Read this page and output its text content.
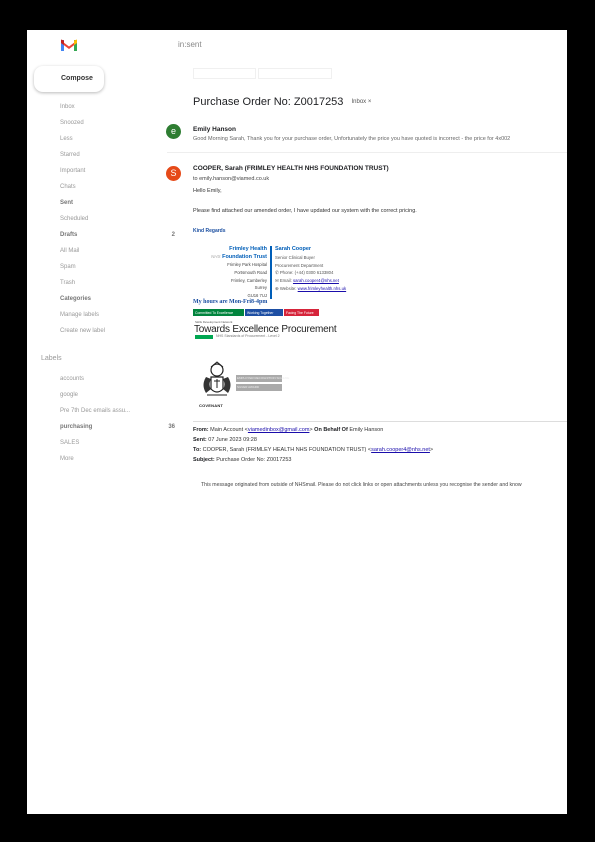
in:sent
Compose
Inbox
Snoozed
Less
Starred
Important
Chats
Sent
Scheduled
Drafts	2
All Mail
Spam
Trash
Categories
Manage labels
Create new label
Labels
accounts
google
Pre 7th Dec emails assu...
purchasing	36
SALES
More
Purchase Order No: Z0017253 Inbox ×
e	Emily Hanson
Good Morning Sarah, Thank you for your purchase order, Unfortunately the price you have quoted is incorrect - the price for 4x002
S	COOPER, Sarah (FRIMLEY HEALTH NHS FOUNDATION TRUST)
to emily.hanson@viamed.co.uk
Hello Emily,
Please find attached our amended order, I have updated our system with the correct pricing.
Kind Regards
Frimley Health
NHS Foundation Trust
Frimley Park Hospital
Portsmouth Road
Frimley, Camberley
Surrey
GU16 7UJ
Sarah Cooper
Senior Clinical Buyer
Procurement Department
✆ Phone: (+44) 0300 6133804
✉ Email: sarah.cooper4@nhs.net
⊕ Website: www.frimleyhealth.nhs.uk
My hours are Mon-Fri8-4pm
Committed To Excellence	Working Together	Facing The Future
Skills Development Network
Towards Excellence Procurement
NHS Standards of Procurement - Level 2
COVENANT
EMPLOYER RECOGNITION SCHEME
SILVER AWARD
From: Main Account <viamedinbox@gmail.com> On Behalf Of Emily Hanson
Sent: 07 June 2023 09:28
To: COOPER, Sarah (FRIMLEY HEALTH NHS FOUNDATION TRUST) <sarah.cooper4@nhs.net>
Subject: Purchase Order No: Z0017253
This message originated from outside of NHSmail. Please do not click links or open attachments unless you recognise the sender and know
